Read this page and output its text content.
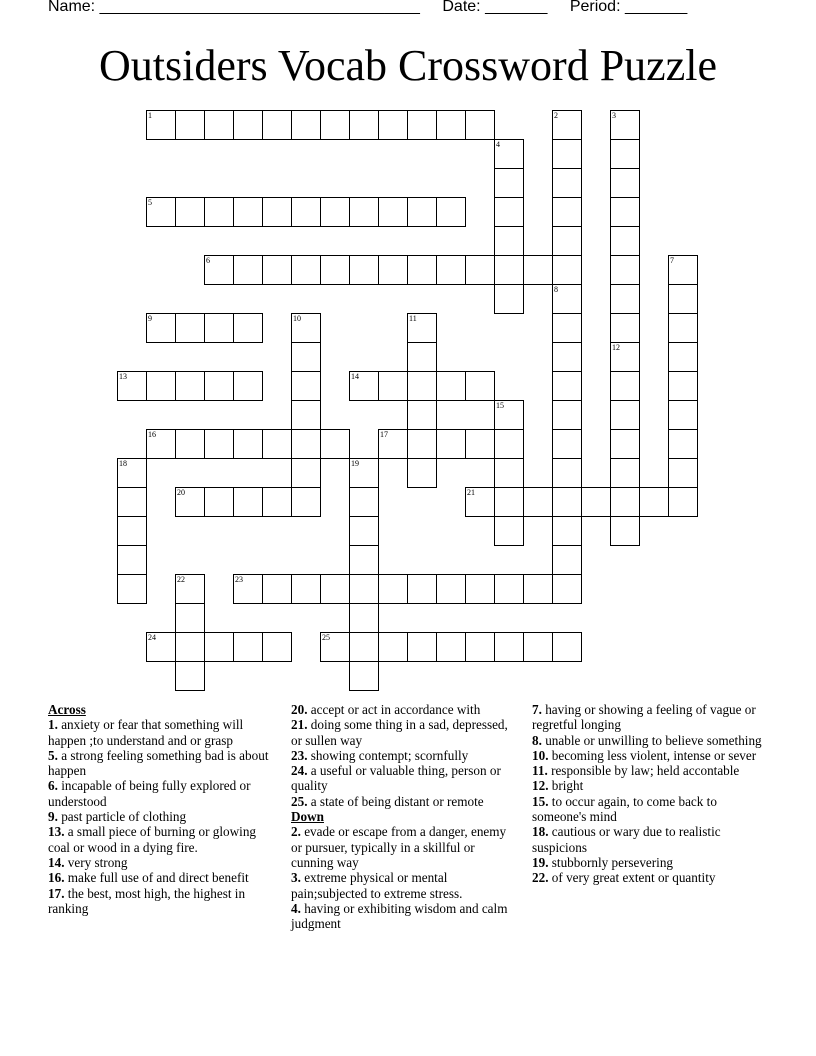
Name: ____________________________________ Date: _______ Period: _______
Outsiders Vocab Crossword Puzzle
1	2	3
4
5
6	7
8
9	10	11
12
13	14
15
16	17
18	19
20	21
22	23
24	25
Across
1. anxiety or fear that something will happen ;to understand and or grasp
5. a strong feeling something bad is about happen
6. incapable of being fully explored or understood
9. past particle of clothing
13. a small piece of burning or glowing coal or wood in a dying fire.
14. very strong
16. make full use of and direct benefit
17. the best, most high, the highest in ranking
20. accept or act in accordance with
21. doing some thing in a sad, depressed, or sullen way
23. showing contempt; scornfully
24. a useful or valuable thing, person or quality
25. a state of being distant or remote
Down
2. evade or escape from a danger, enemy or pursuer, typically in a skillful or cunning way
3. extreme physical or mental pain;subjected to extreme stress.
4. having or exhibiting wisdom and calm judgment
7. having or showing a feeling of vague or regretful longing
8. unable or unwilling to believe something
10. becoming less violent, intense or sever
11. responsible by law; held accontable
12. bright
15. to occur again, to come back to someone's mind
18. cautious or wary due to realistic suspicions
19. stubbornly persevering
22. of very great extent or quantity
